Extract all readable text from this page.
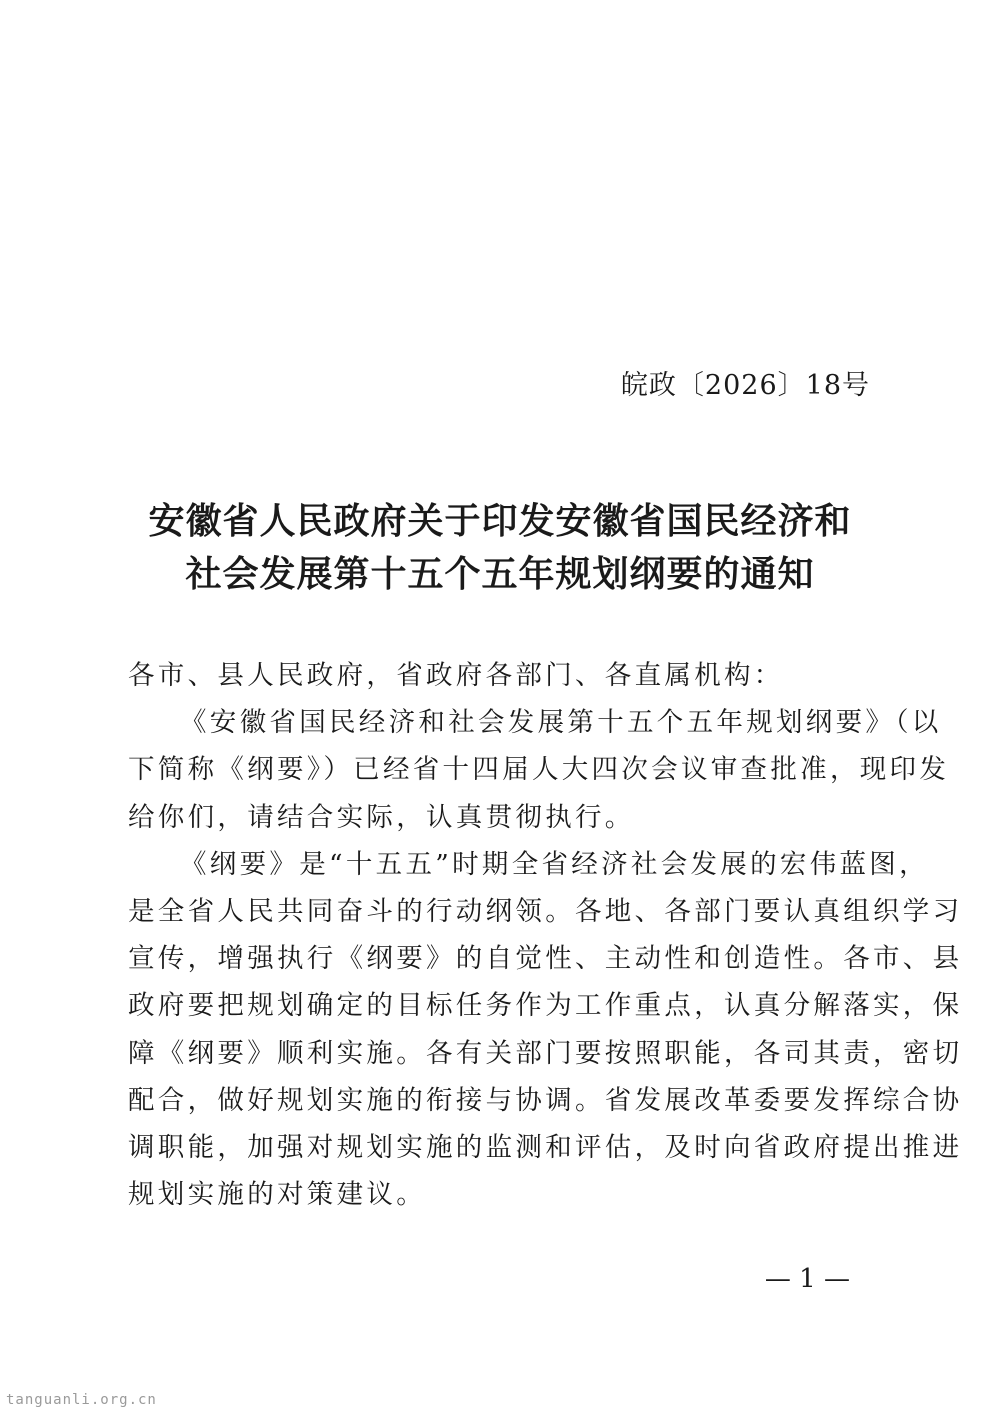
皖政〔2026〕18号
安徽省人民政府关于印发安徽省国民经济和
社会发展第十五个五年规划纲要的通知
各市、县人民政府，省政府各部门、各直属机构：
《安徽省国民经济和社会发展第十五个五年规划纲要》（以
下简称《纲要》）已经省十四届人大四次会议审查批准，现印发
给你们，请结合实际，认真贯彻执行。
《纲要》是“十五五”时期全省经济社会发展的宏伟蓝图，
是全省人民共同奋斗的行动纲领。各地、各部门要认真组织学习
宣传，增强执行《纲要》的自觉性、主动性和创造性。各市、县
政府要把规划确定的目标任务作为工作重点，认真分解落实，保
障《纲要》顺利实施。各有关部门要按照职能，各司其责，密切
配合，做好规划实施的衔接与协调。省发展改革委要发挥综合协
调职能，加强对规划实施的监测和评估，及时向省政府提出推进
规划实施的对策建议。
— 1 —
tanguanli.org.cn
